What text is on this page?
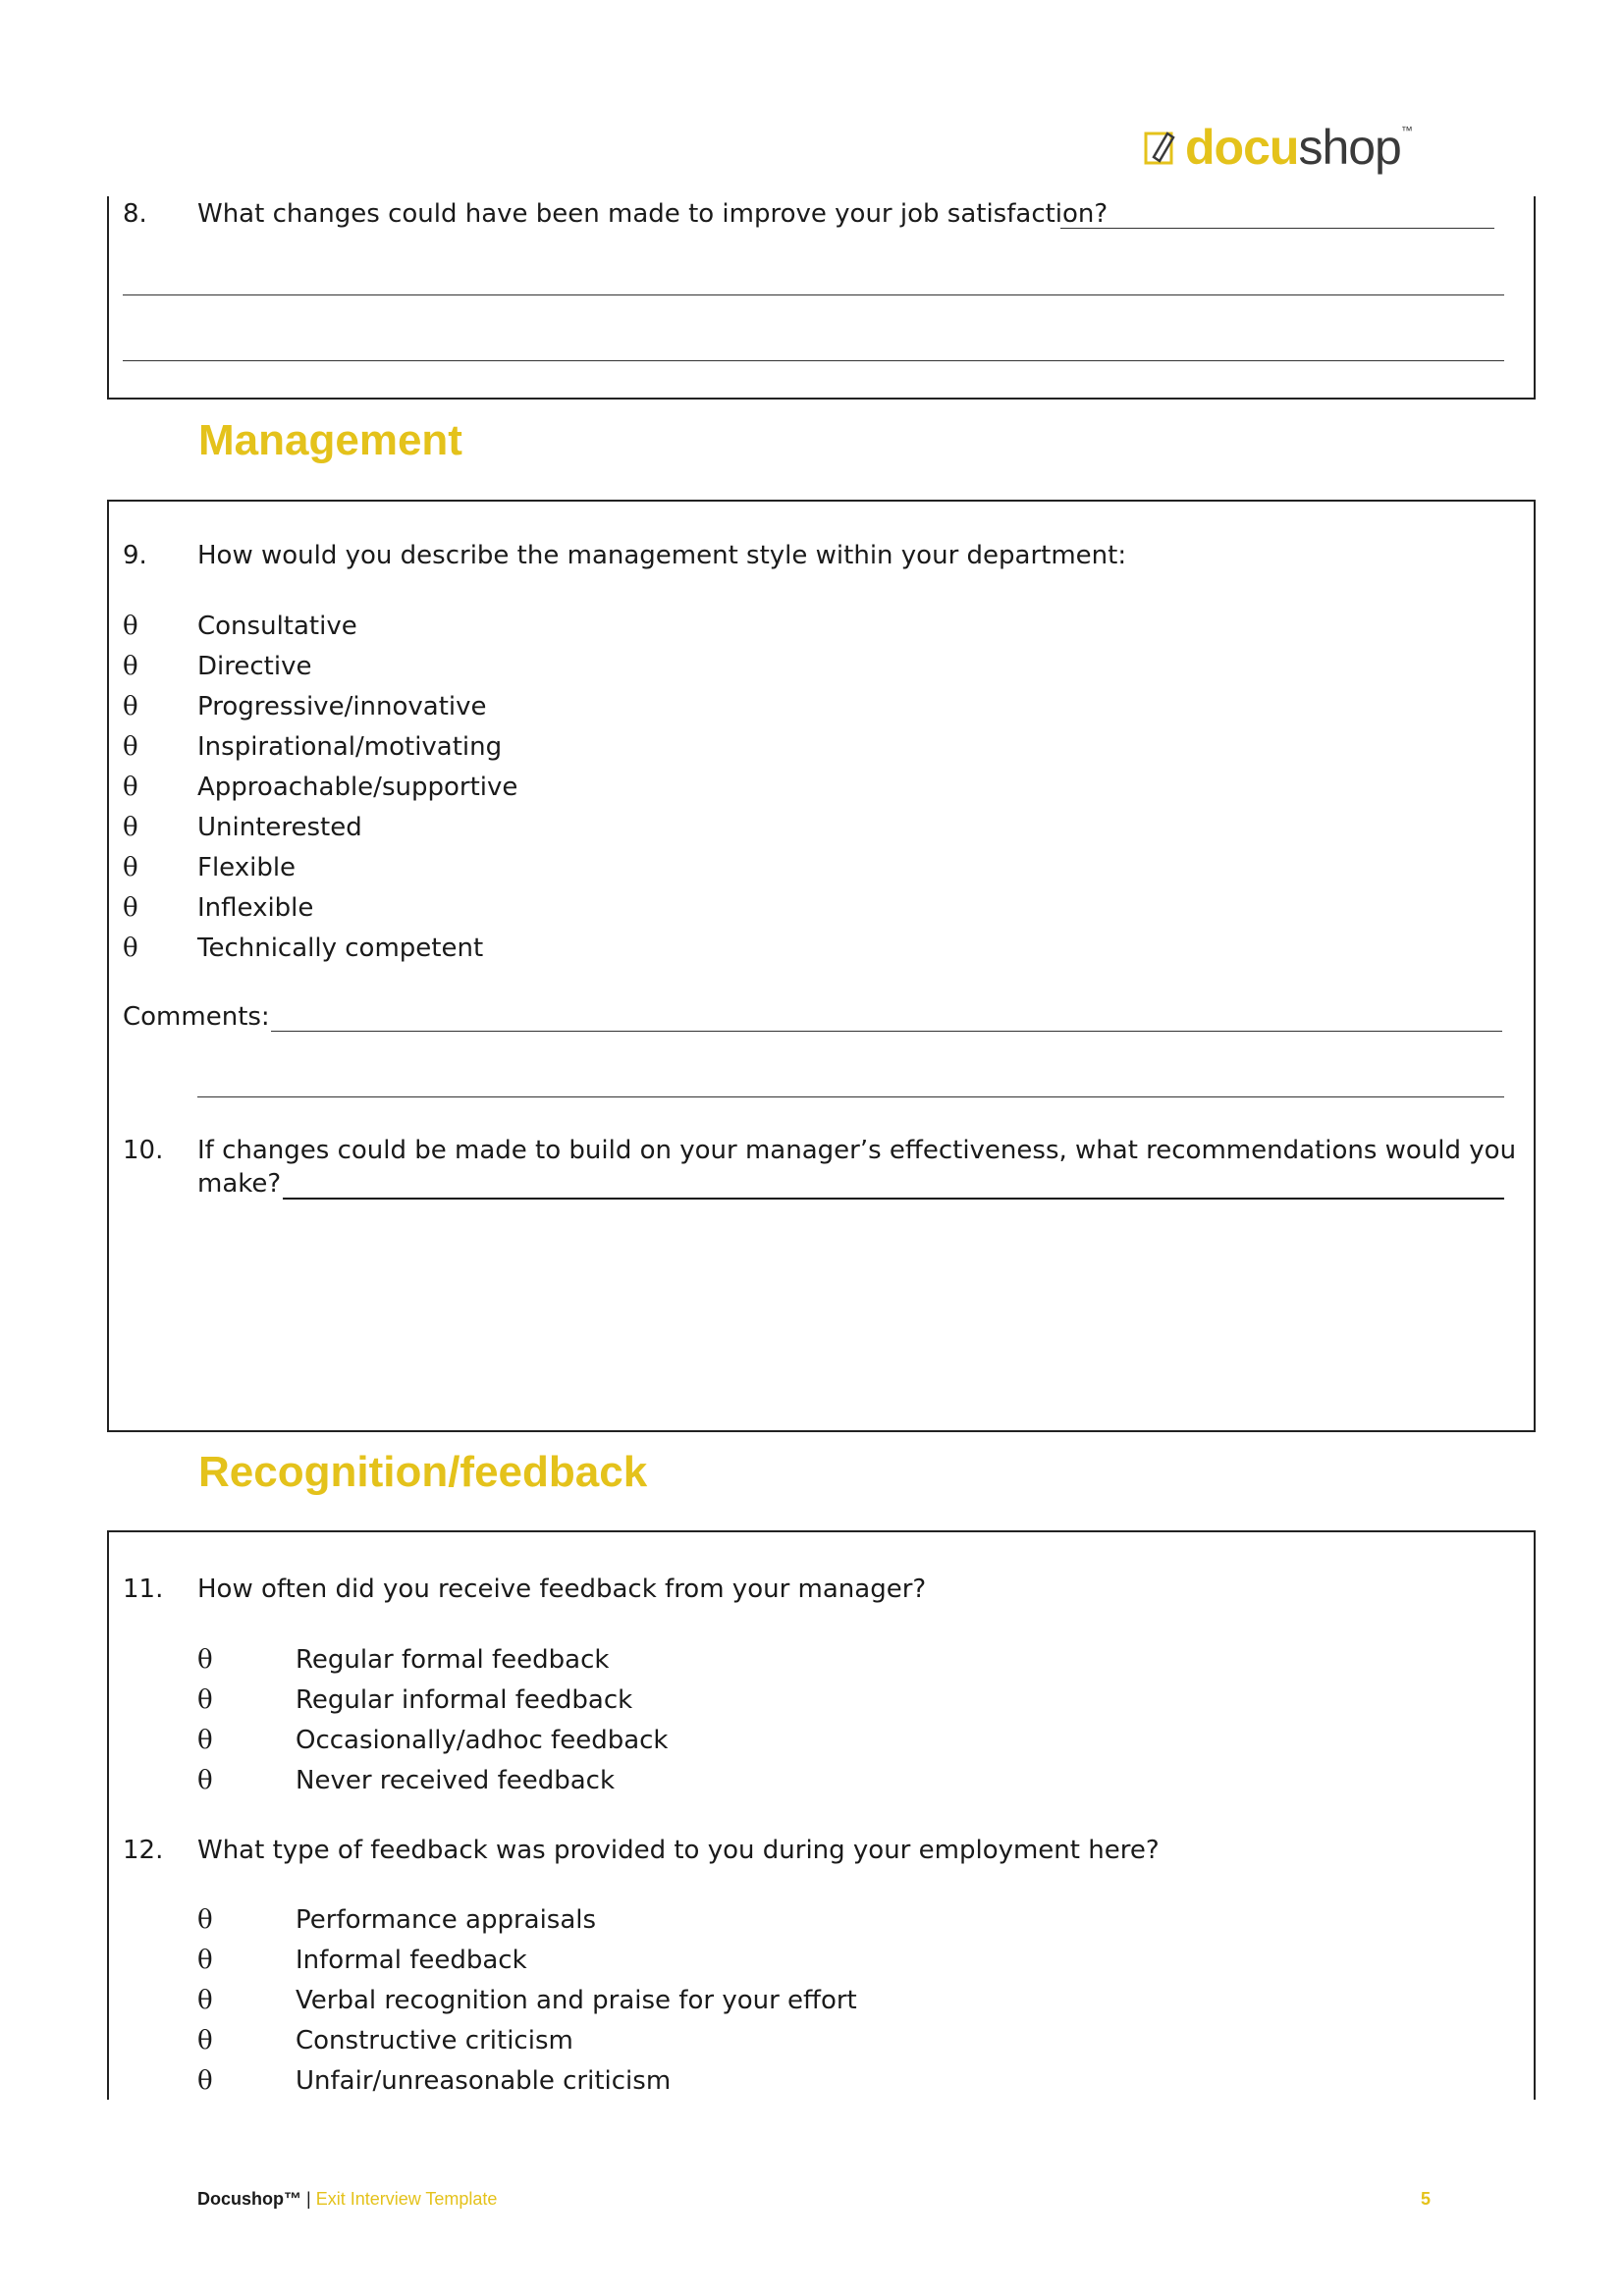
docu shop ™
8. What changes could have been made to improve your job satisfaction?
Management
9. How would you describe the management style within your department:
θ Consultative
θ Directive
θ Progressive/innovative
θ Inspirational/motivating
θ Approachable/supportive
θ Uninterested
θ Flexible
θ Inflexible
θ Technically competent
Comments:
10. If changes could be made to build on your manager’s effectiveness, what recommendations would you
make?
Recognition/feedback
11. How often did you receive feedback from your manager?
θ	Regular formal feedback
θ	Regular informal feedback
θ	Occasionally/adhoc feedback
θ	Never received feedback
12. What type of feedback was provided to you during your employment here?
θ	Performance appraisals
θ	Informal feedback
θ	Verbal recognition and praise for your effort
θ	Constructive criticism
θ	Unfair/unreasonable criticism
Docushop™ | Exit Interview Template	5
